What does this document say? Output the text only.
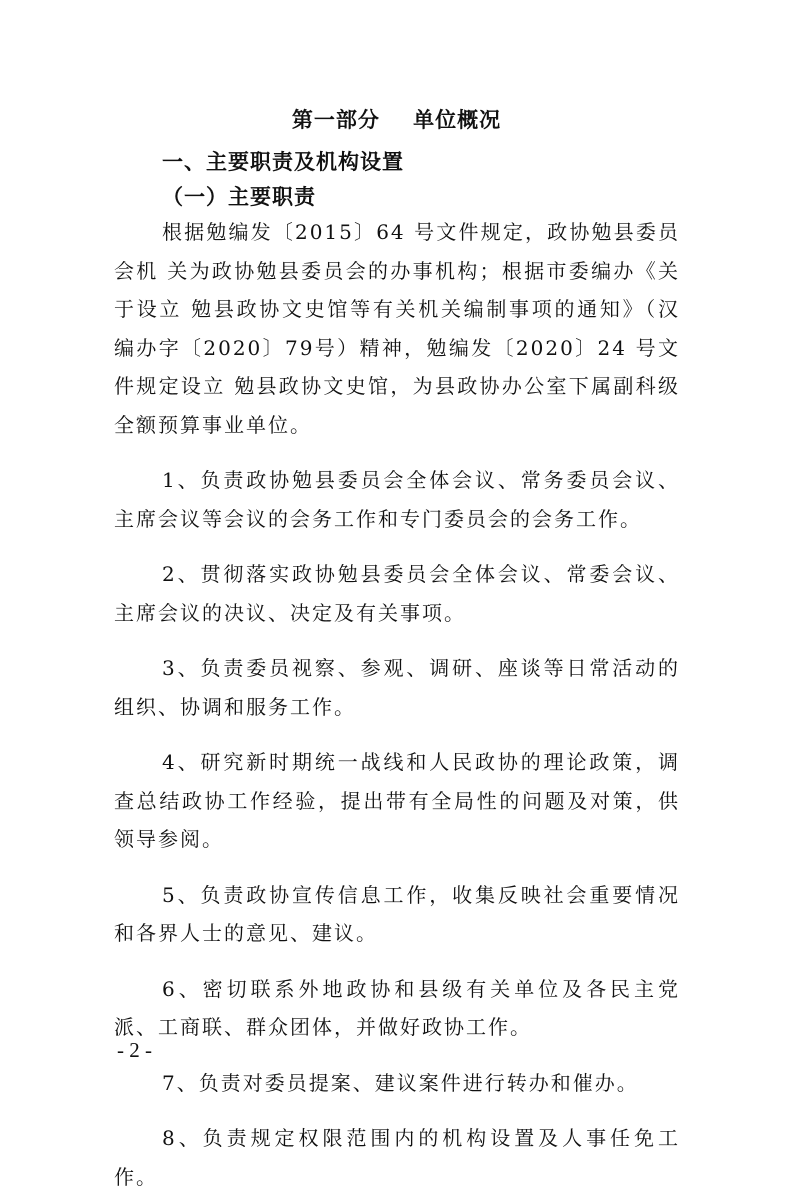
第一部分    单位概况
一、主要职责及机构设置
（一）主要职责

根据勉编发〔2015〕64 号文件规定，政协勉县委员会机 关为政协勉县委员会的办事机构；根据市委编办《关于设立 勉县政协文史馆等有关机关编制事项的通知》（汉编办字〔2020〕79号）精神，勉编发〔2020〕24 号文件规定设立 勉县政协文史馆，为县政协办公室下属副科级全额预算事业单位。

1、负责政协勉县委员会全体会议、常务委员会议、主席会议等会议的会务工作和专门委员会的会务工作。

2、贯彻落实政协勉县委员会全体会议、常委会议、主席会议的决议、决定及有关事项。

3、负责委员视察、参观、调研、座谈等日常活动的组织、协调和服务工作。

4、研究新时期统一战线和人民政协的理论政策，调查总结政协工作经验，提出带有全局性的问题及对策，供领导参阅。

5、负责政协宣传信息工作，收集反映社会重要情况和各界人士的意见、建议。

6、密切联系外地政协和县级有关单位及各民主党派、工商联、群众团体，并做好政协工作。

7、负责对委员提案、建议案件进行转办和催办。

8、负责规定权限范围内的机构设置及人事任免工作。

- 2 -
